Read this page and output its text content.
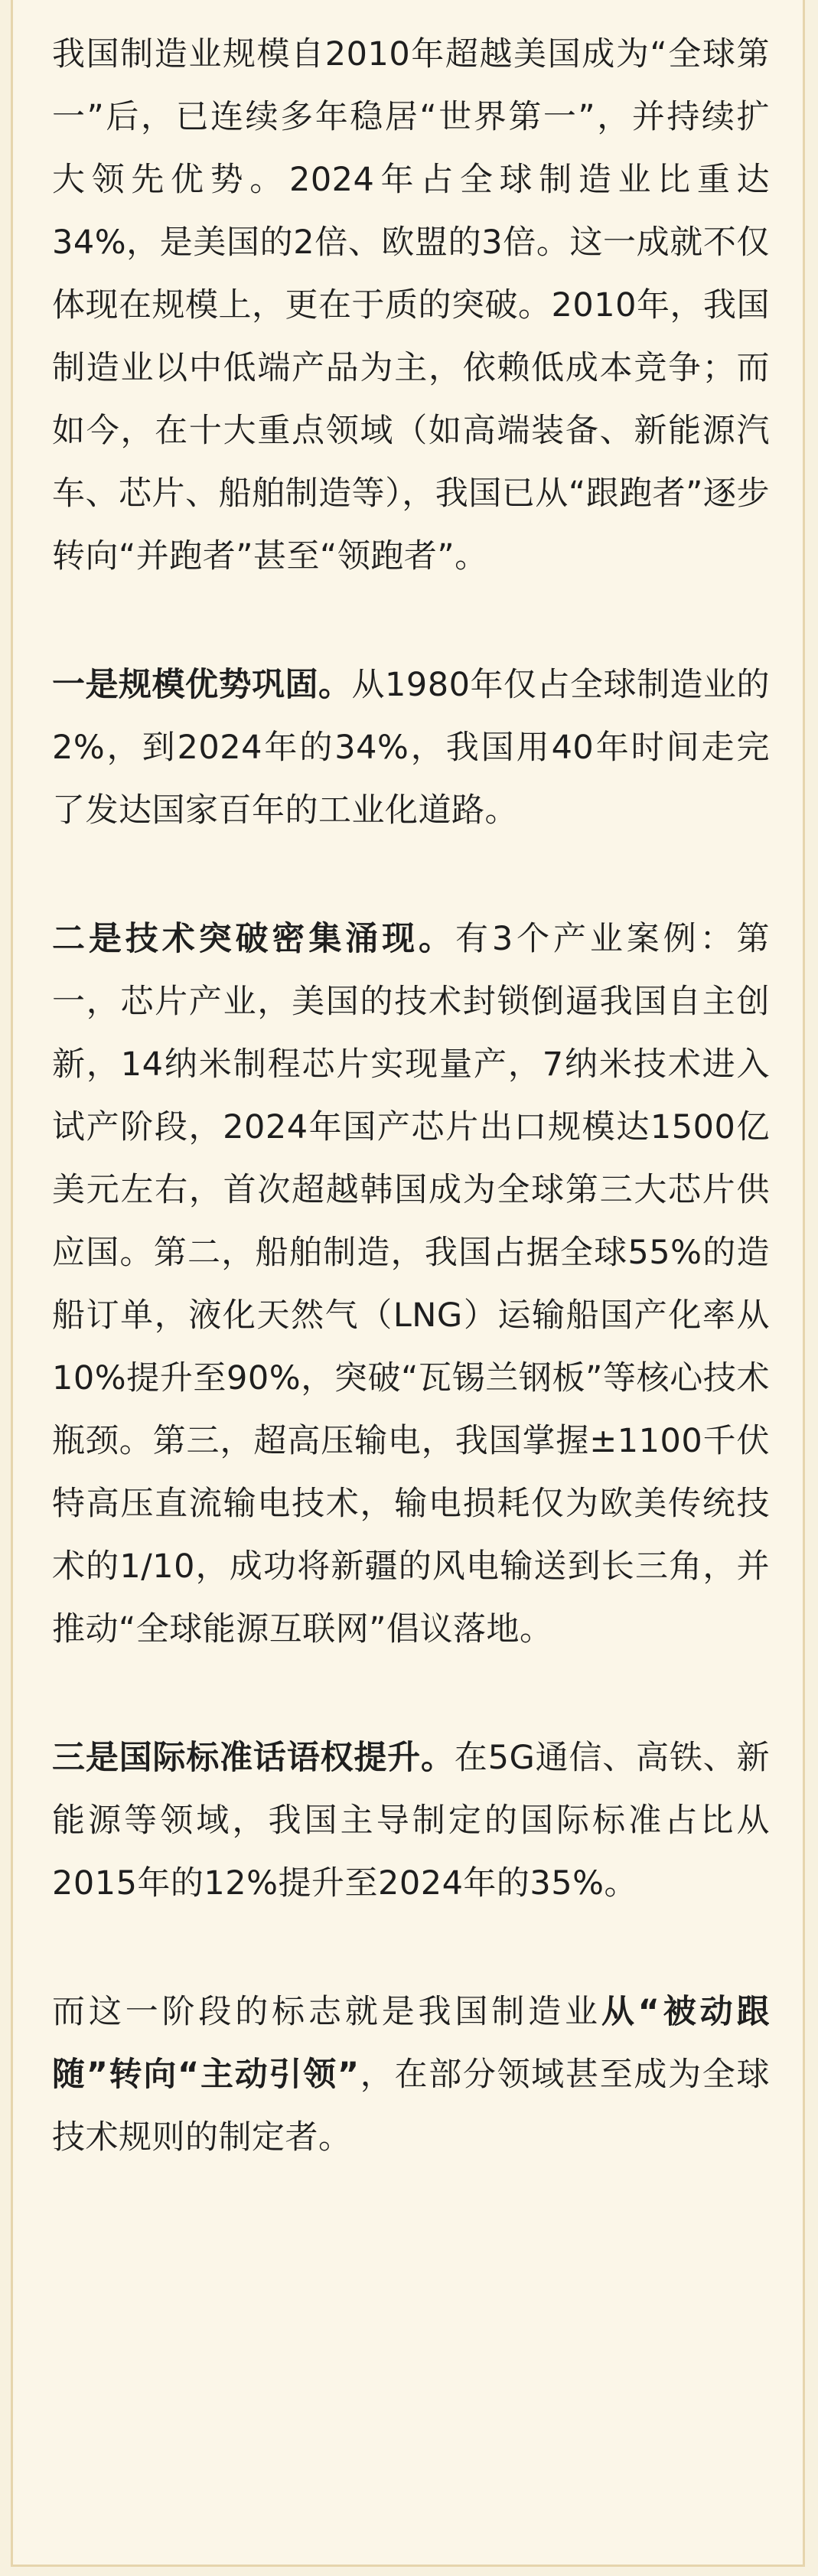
我国制造业规模自2010年超越美国成为“全球第一”后，已连续多年稳居“世界第一”，并持续扩大领先优势。2024年占全球制造业比重达34%，是美国的2倍、欧盟的3倍。这一成就不仅体现在规模上，更在于质的突破。2010年，我国制造业以中低端产品为主，依赖低成本竞争；而如今，在十大重点领域（如高端装备、新能源汽车、芯片、船舶制造等），我国已从“跟跑者”逐步转向“并跑者”甚至“领跑者”。

一是规模优势巩固。从1980年仅占全球制造业的2%，到2024年的34%，我国用40年时间走完了发达国家百年的工业化道路。

二是技术突破密集涌现。有3个产业案例：第一，芯片产业，美国的技术封锁倒逼我国自主创新，14纳米制程芯片实现量产，7纳米技术进入试产阶段，2024年国产芯片出口规模达1500亿美元左右，首次超越韩国成为全球第三大芯片供应国。第二，船舶制造，我国占据全球55%的造船订单，液化天然气（LNG）运输船国产化率从10%提升至90%，突破“瓦锡兰钢板”等核心技术瓶颈。第三，超高压输电，我国掌握±1100千伏特高压直流输电技术，输电损耗仅为欧美传统技术的1/10，成功将新疆的风电输送到长三角，并推动“全球能源互联网”倡议落地。

三是国际标准话语权提升。在5G通信、高铁、新能源等领域，我国主导制定的国际标准占比从2015年的12%提升至2024年的35%。

而这一阶段的标志就是我国制造业从“被动跟随”转向“主动引领”，在部分领域甚至成为全球技术规则的制定者。
